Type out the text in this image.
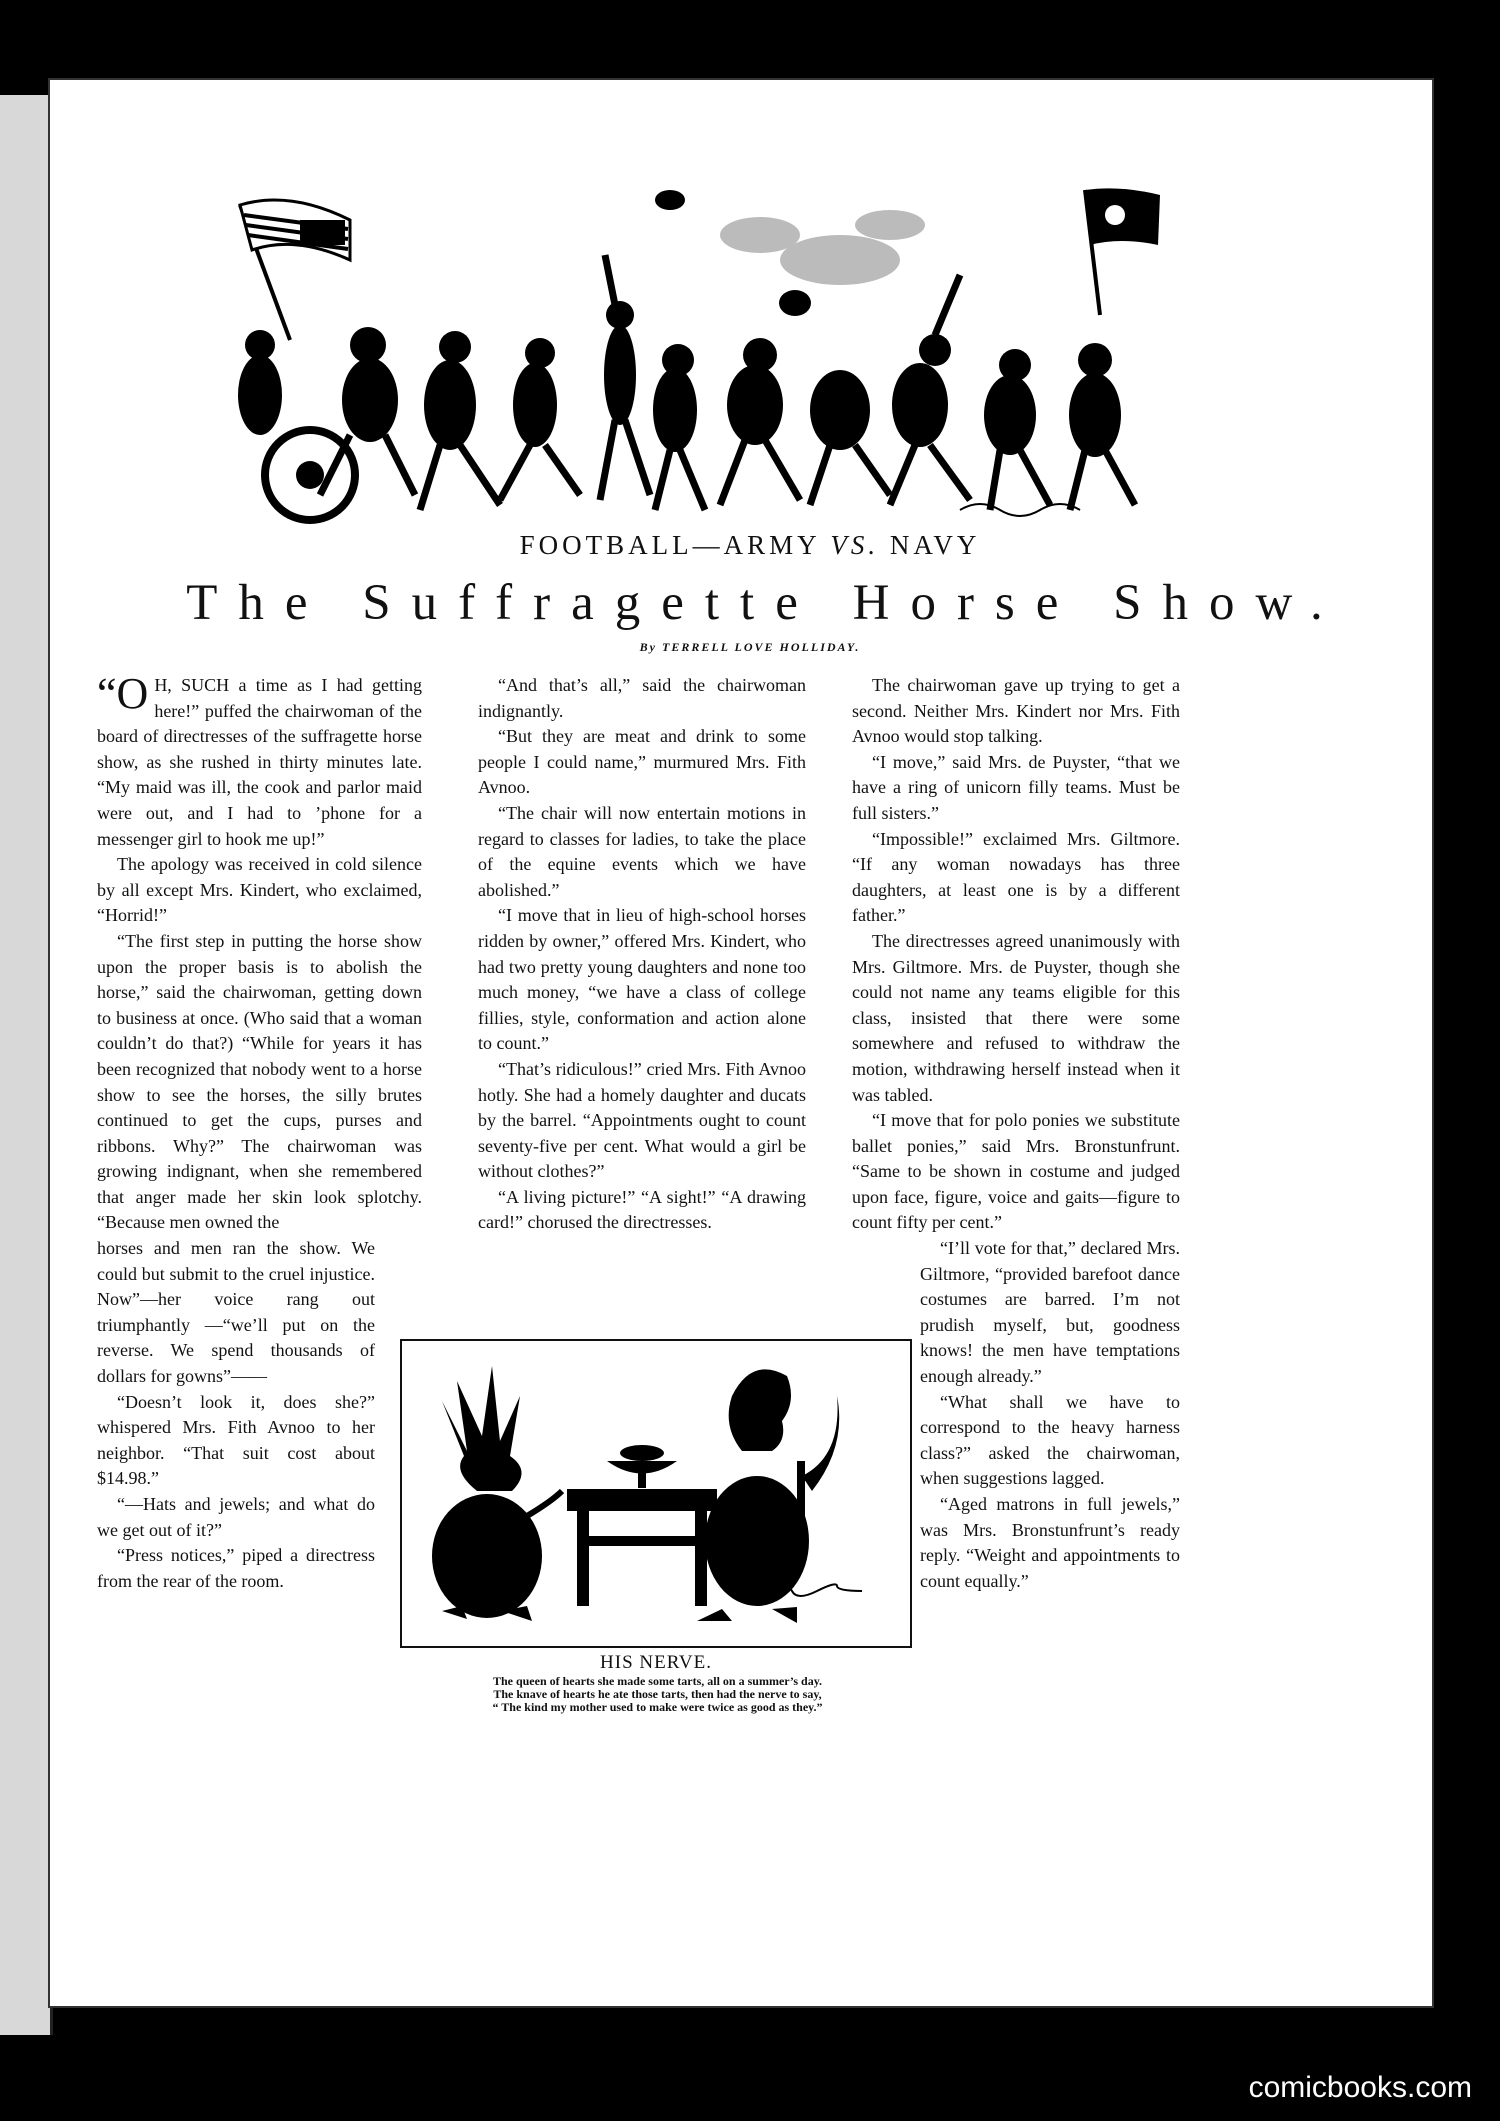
FOOTBALL—ARMY VS. NAVY
The Suffragette Horse Show.
By TERRELL LOVE HOLLIDAY.

“O H, SUCH a time as I had getting here!” puffed the chairwoman of the board of directresses of the suffragette horse show, as she rushed in thirty minutes late. “My maid was ill, the cook and parlor maid were out, and I had to ’phone for a messenger girl to hook me up!”

The apology was received in cold silence by all except Mrs. Kindert, who exclaimed, “Horrid!”

“The first step in putting the horse show upon the proper basis is to abolish the horse,” said the chairwoman, getting down to business at once. (Who said that a woman couldn’t do that?) “While for years it has been recognized that nobody went to a horse show to see the horses, the silly brutes continued to get the cups, purses and ribbons. Why?” The chairwoman was growing indignant, when she remembered that anger made her skin look splotchy. “Because men owned the

horses and men ran the show. We could but submit to the cruel injustice. Now”—her voice rang out triumphantly —“we’ll put on the reverse. We spend thousands of dollars for gowns”——

“Doesn’t look it, does she?” whispered Mrs. Fith Avnoo to her neighbor. “That suit cost about $14.98.”

“—Hats and jewels; and what do we get out of it?”

“Press notices,” piped a directress from the rear of the room.

“And that’s all,” said the chairwoman indignantly.

“But they are meat and drink to some people I could name,” murmured Mrs. Fith Avnoo.

“The chair will now entertain motions in regard to classes for ladies, to take the place of the equine events which we have abolished.”

“I move that in lieu of high-school horses ridden by owner,” offered Mrs. Kindert, who had two pretty young daughters and none too much money, “we have a class of college fillies, style, conformation and action alone to count.”

“That’s ridiculous!” cried Mrs. Fith Avnoo hotly. She had a homely daughter and ducats by the barrel. “Appointments ought to count seventy-five per cent. What would a girl be without clothes?”

“A living picture!” “A sight!” “A drawing card!” chorused the directresses.

The chairwoman gave up trying to get a second. Neither Mrs. Kindert nor Mrs. Fith Avnoo would stop talking.

“I move,” said Mrs. de Puyster, “that we have a ring of unicorn filly teams. Must be full sisters.”

“Impossible!” exclaimed Mrs. Giltmore. “If any woman nowadays has three daughters, at least one is by a different father.”

The directresses agreed unanimously with Mrs. Giltmore. Mrs. de Puyster, though she could not name any teams eligible for this class, insisted that there were some somewhere and refused to withdraw the motion, withdrawing herself instead when it was tabled.

“I move that for polo ponies we substitute ballet ponies,” said Mrs. Bronstunfrunt. “Same to be shown in costume and judged upon face, figure, voice and gaits—figure to count fifty per cent.”

“I’ll vote for that,” declared Mrs. Giltmore, “provided barefoot dance costumes are barred. I’m not prudish myself, but, goodness knows! the men have temptations enough already.”

“What shall we have to correspond to the heavy harness class?” asked the chairwoman, when suggestions lagged.

“Aged matrons in full jewels,” was Mrs. Bronstunfrunt’s ready reply. “Weight and appointments to count equally.”

HIS NERVE.
The queen of hearts she made some tarts, all on a summer’s day.
The knave of hearts he ate those tarts, then had the nerve to say,
“ The kind my mother used to make were twice as good as they.”
comicbooks.com
